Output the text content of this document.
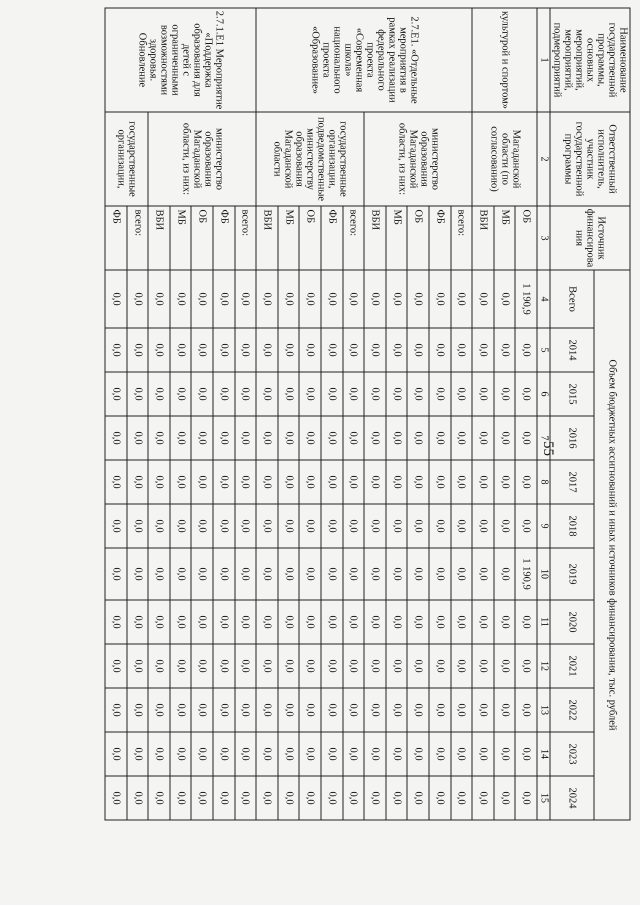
55
Наименование государственной программы, основных мероприятий, мероприятий, подмероприятий	Ответственный исполнитель, участник государственной программы	Источник финансирова ния	Объем бюджетных ассигнований и иных источников финансирования, тыс. рублей											
			Всего	2014	2015	2016	2017	2018	2019	2020	2021	2022	2023	2024
1	2	3	4	5	6	7	8	9	10	11	12	13	14	15
культурой и спортом»	Магаданской области (по согласованию)	ОБ	1 190,9	0,0	0,0	0,0	0,0	0,0	1 190,9	0,0	0,0	0,0	0,0	0,0
		МБ	0,0	0,0	0,0	0,0	0,0	0,0	0,0	0,0	0,0	0,0	0,0	0,0
		ВБИ	0,0	0,0	0,0	0,0	0,0	0,0	0,0	0,0	0,0	0,0	0,0	0,0
2.7.Е1. «Отдельные мероприятия в рамках реализации федерального проекта «Современная школа» национального проекта «Образование»	министерство образования Магаданской области, из них:	всего:	0,0	0,0	0,0	0,0	0,0	0,0	0,0	0,0	0,0	0,0	0,0	0,0
		ФБ	0,0	0,0	0,0	0,0	0,0	0,0	0,0	0,0	0,0	0,0	0,0	0,0
		ОБ	0,0	0,0	0,0	0,0	0,0	0,0	0,0	0,0	0,0	0,0	0,0	0,0
		МБ	0,0	0,0	0,0	0,0	0,0	0,0	0,0	0,0	0,0	0,0	0,0	0,0
		ВБИ	0,0	0,0	0,0	0,0	0,0	0,0	0,0	0,0	0,0	0,0	0,0	0,0
	государственные организации, подведомственные министерству образования Магаданской области	всего:	0,0	0,0	0,0	0,0	0,0	0,0	0,0	0,0	0,0	0,0	0,0	0,0
		ФБ	0,0	0,0	0,0	0,0	0,0	0,0	0,0	0,0	0,0	0,0	0,0	0,0
		ОБ	0,0	0,0	0,0	0,0	0,0	0,0	0,0	0,0	0,0	0,0	0,0	0,0
		МБ	0,0	0,0	0,0	0,0	0,0	0,0	0,0	0,0	0,0	0,0	0,0	0,0
		ВБИ	0,0	0,0	0,0	0,0	0,0	0,0	0,0	0,0	0,0	0,0	0,0	0,0
2.7.1.Е1 Мероприятие «Поддержка образования для детей с ограниченными возможностями здоровья. Обновление	министерство образования Магаданской области, из них:	всего:	0,0	0,0	0,0	0,0	0,0	0,0	0,0	0,0	0,0	0,0	0,0	0,0
		ФБ	0,0	0,0	0,0	0,0	0,0	0,0	0,0	0,0	0,0	0,0	0,0	0,0
		ОБ	0,0	0,0	0,0	0,0	0,0	0,0	0,0	0,0	0,0	0,0	0,0	0,0
		МБ	0,0	0,0	0,0	0,0	0,0	0,0	0,0	0,0	0,0	0,0	0,0	0,0
		ВБИ	0,0	0,0	0,0	0,0	0,0	0,0	0,0	0,0	0,0	0,0	0,0	0,0
	государственные организации,	всего:	0,0	0,0	0,0	0,0	0,0	0,0	0,0	0,0	0,0	0,0	0,0	0,0
		ФБ	0,0	0,0	0,0	0,0	0,0	0,0	0,0	0,0	0,0	0,0	0,0	0,0
